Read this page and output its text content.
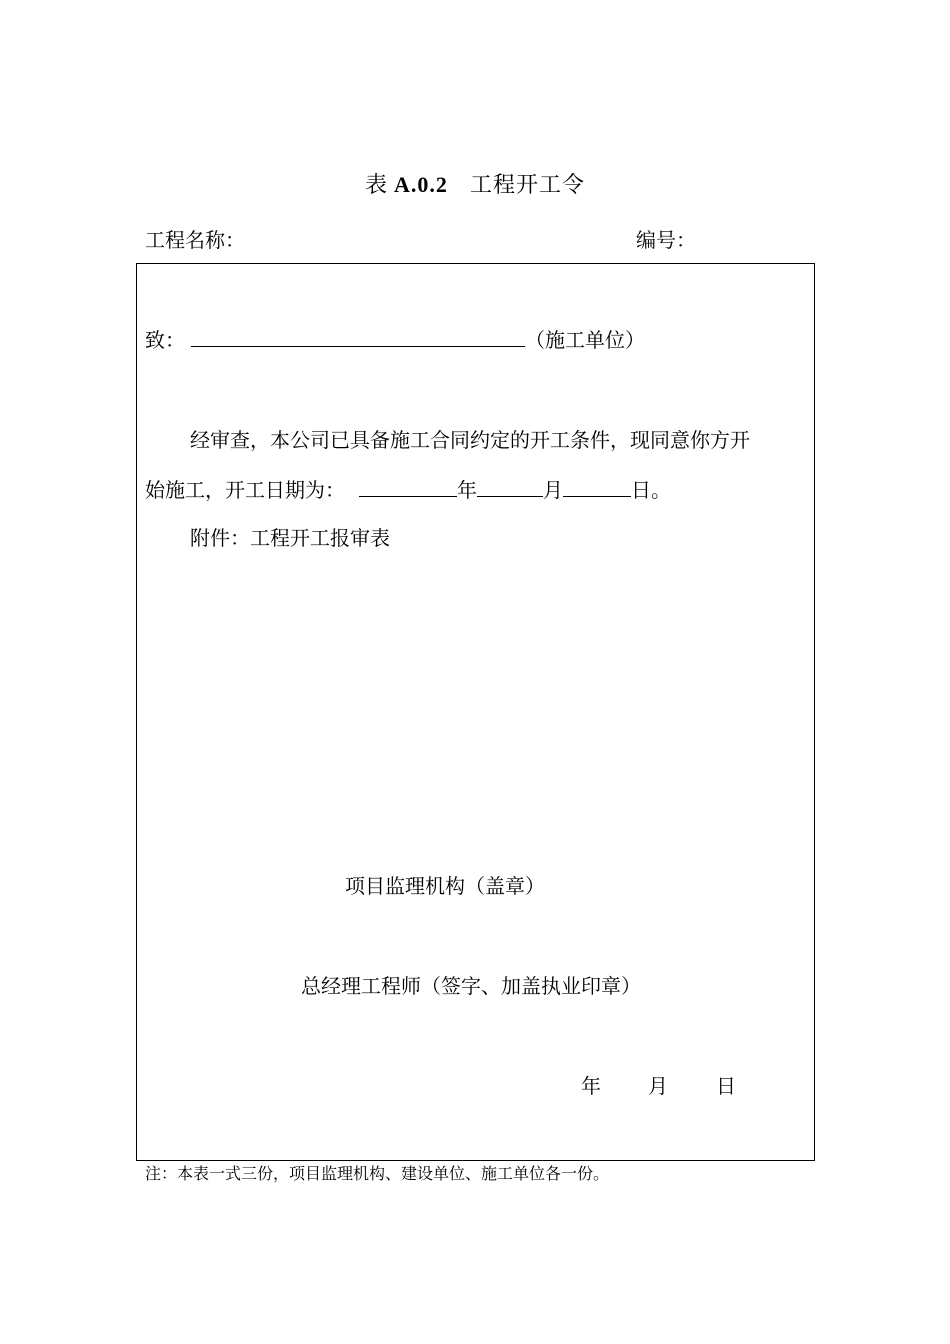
表 A.0.2 工程开工令
工程名称：	编号：
致：	（施工单位）
经审查，本公司已具备施工合同约定的开工条件，现同意你方开
始施工，开工日期为：	年	月	日。
附件：工程开工报审表
项目监理机构（盖章）
总经理工程师（签字、加盖执业印章）
年 月 日
注：本表一式三份，项目监理机构、建设单位、施工单位各一份。
